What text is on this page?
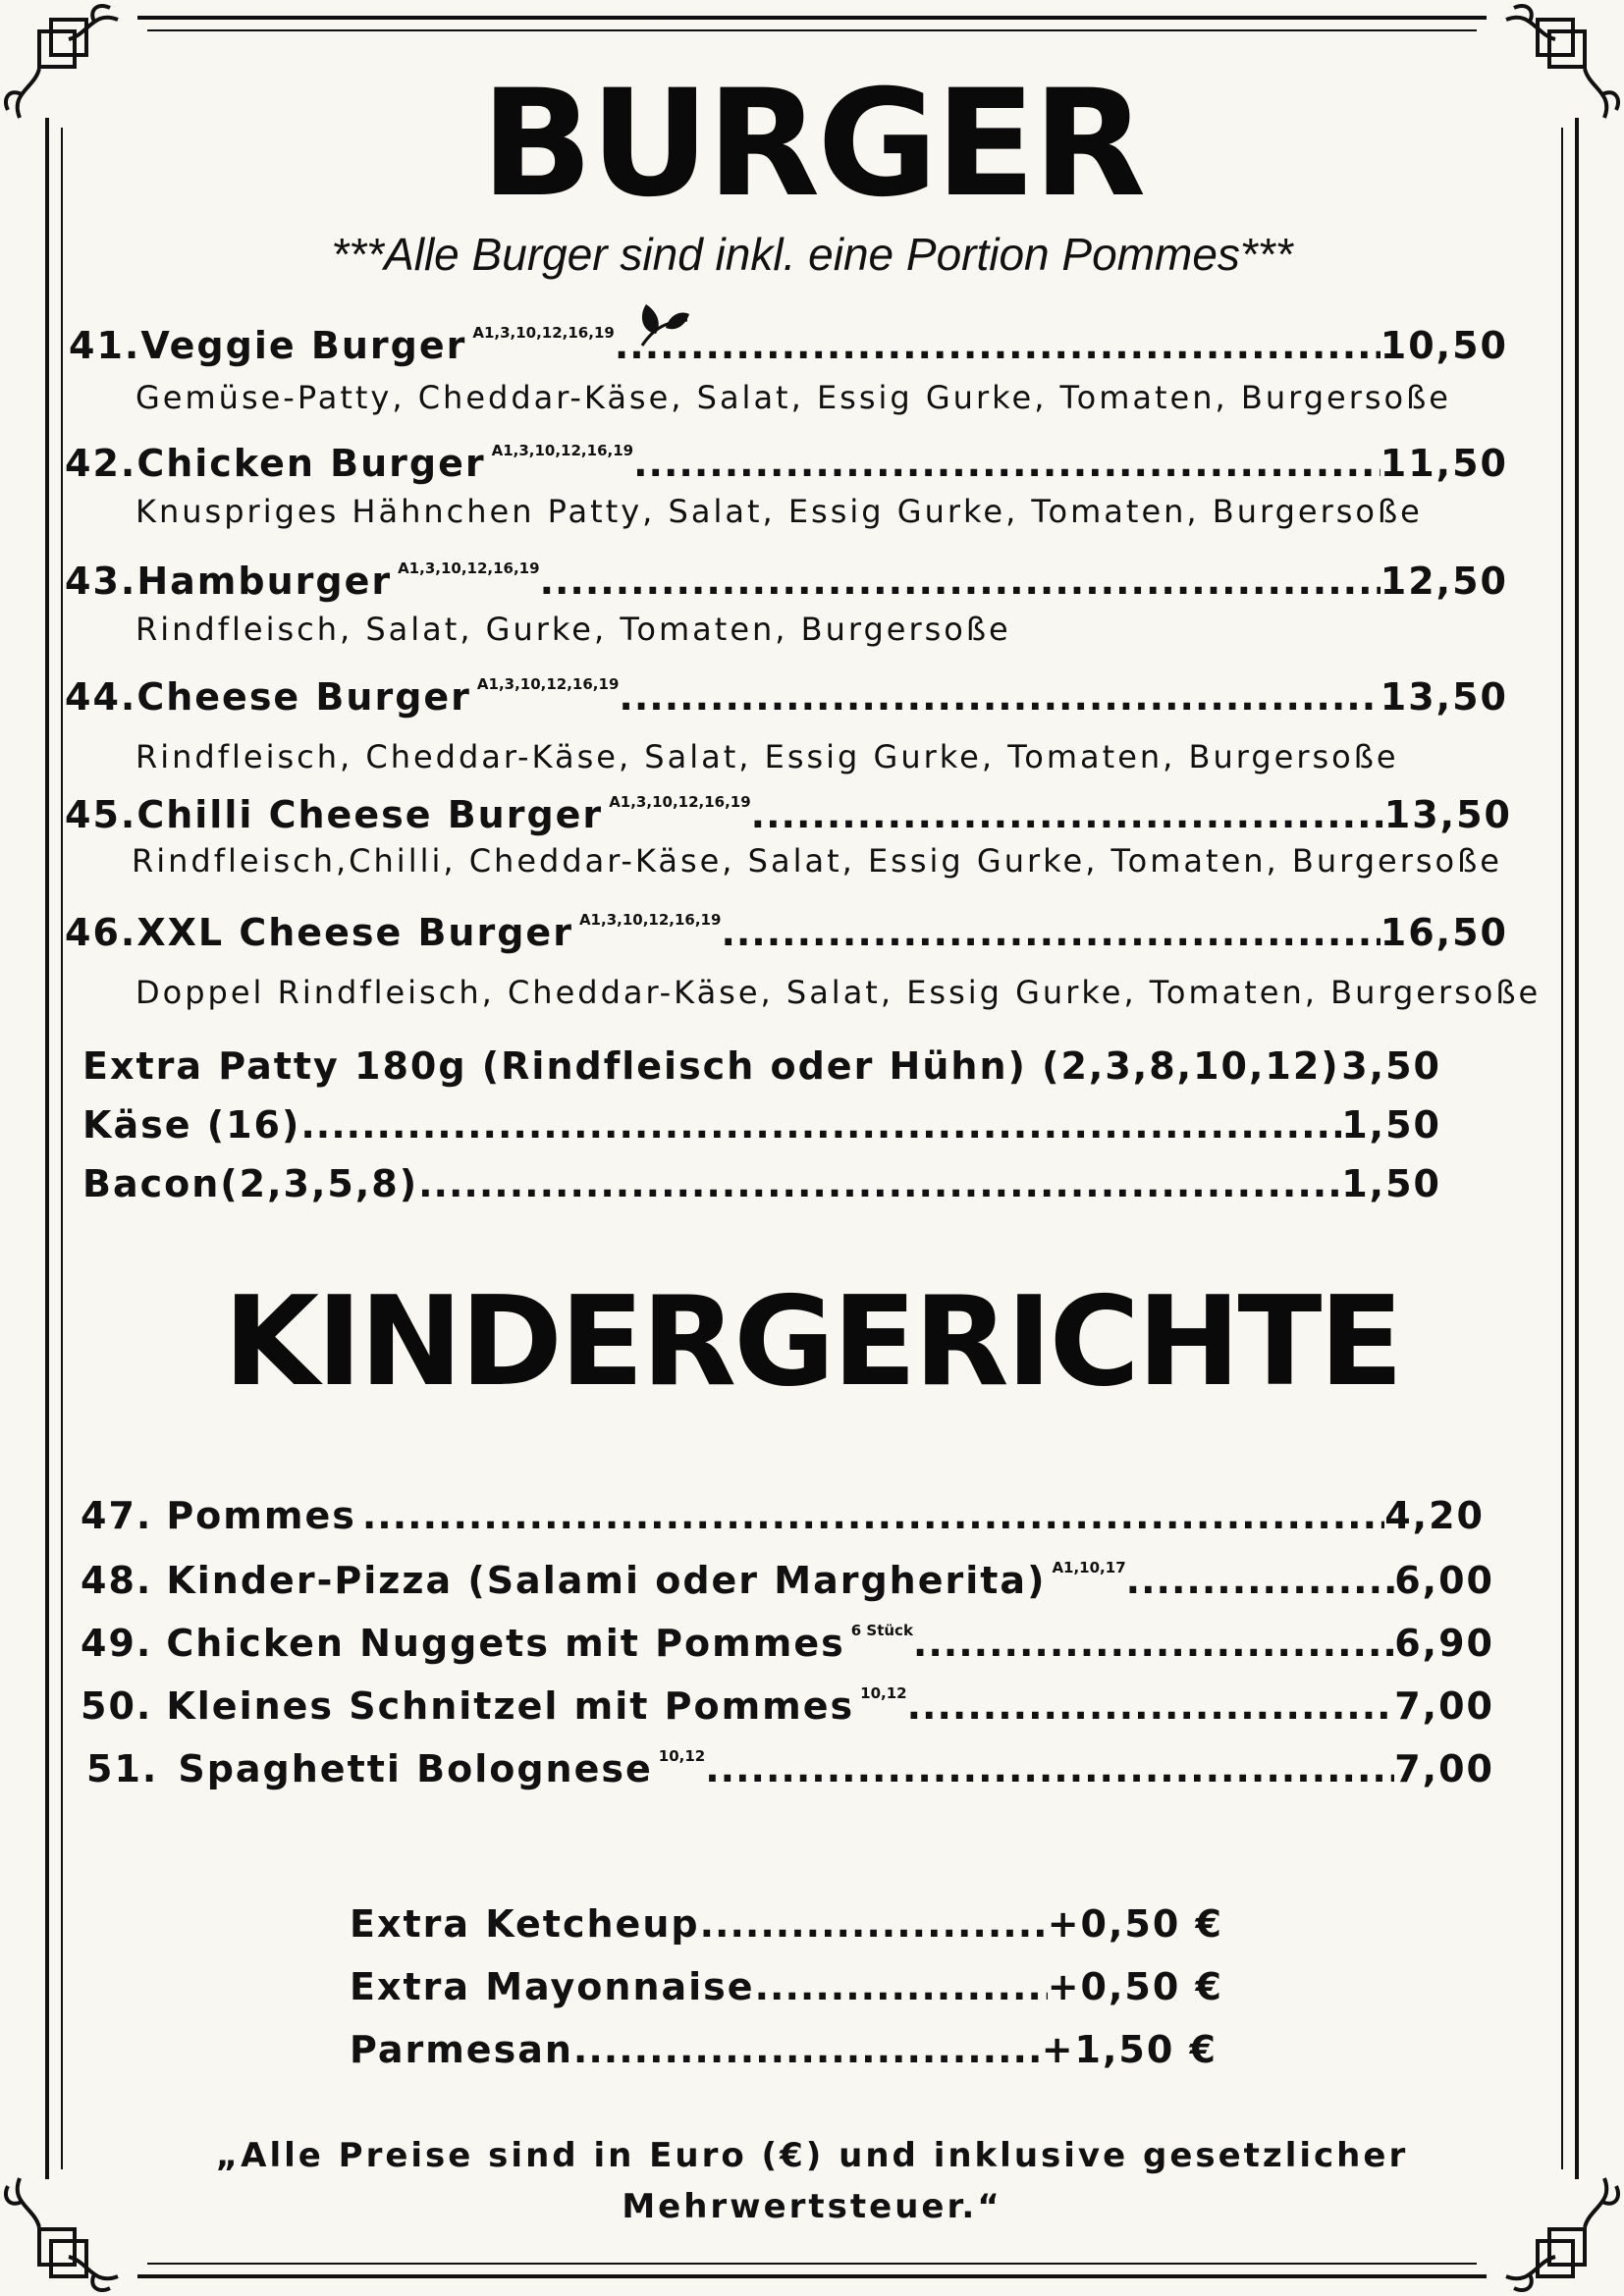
BURGER
***Alle Burger sind inkl. eine Portion Pommes***
41. Veggie Burger A1,3,10,12,16,19 .....	10,50
Gemüse-Patty, Cheddar-Käse, Salat, Essig Gurke, Tomaten, Burgersoße
42. Chicken Burger A1,3,10,12,16,19 .....	11,50
Knuspriges Hähnchen Patty, Salat, Essig Gurke, Tomaten, Burgersoße
43. Hamburger A1,3,10,12,16,19 .....	12,50
Rindfleisch, Salat, Gurke, Tomaten, Burgersoße
44. Cheese Burger A1,3,10,12,16,19 .....	13,50
Rindfleisch, Cheddar-Käse, Salat, Essig Gurke, Tomaten, Burgersoße
45. Chilli Cheese Burger A1,3,10,12,16,19 .....	13,50
Rindfleisch,Chilli, Cheddar-Käse, Salat, Essig Gurke, Tomaten, Burgersoße
46. XXL Cheese Burger A1,3,10,12,16,19 .....	16,50
Doppel Rindfleisch, Cheddar-Käse, Salat, Essig Gurke, Tomaten, Burgersoße
Extra Patty 180g (Rindfleisch oder Hühn) (2,3,8,10,12) ..... 3,50
Käse (16) .....	1,50
Bacon(2,3,5,8) .....	1,50
KINDERGERICHTE
47. Pommes .....	4,20
48. Kinder-Pizza (Salami oder Margherita) A1,10,17 .....	6,00
49. Chicken Nuggets mit Pommes 6 Stück .....	6,90
50. Kleines Schnitzel mit Pommes 10,12 .....	7,00
51. Spaghetti Bolognese 10,12 .....	7,00
Extra Ketcheup .....	+0,50 €
Extra Mayonnaise .....	+0,50 €
Parmesan .....	+1,50 €
„Alle Preise sind in Euro (€) und inklusive gesetzlicher
Mehrwertsteuer.“
